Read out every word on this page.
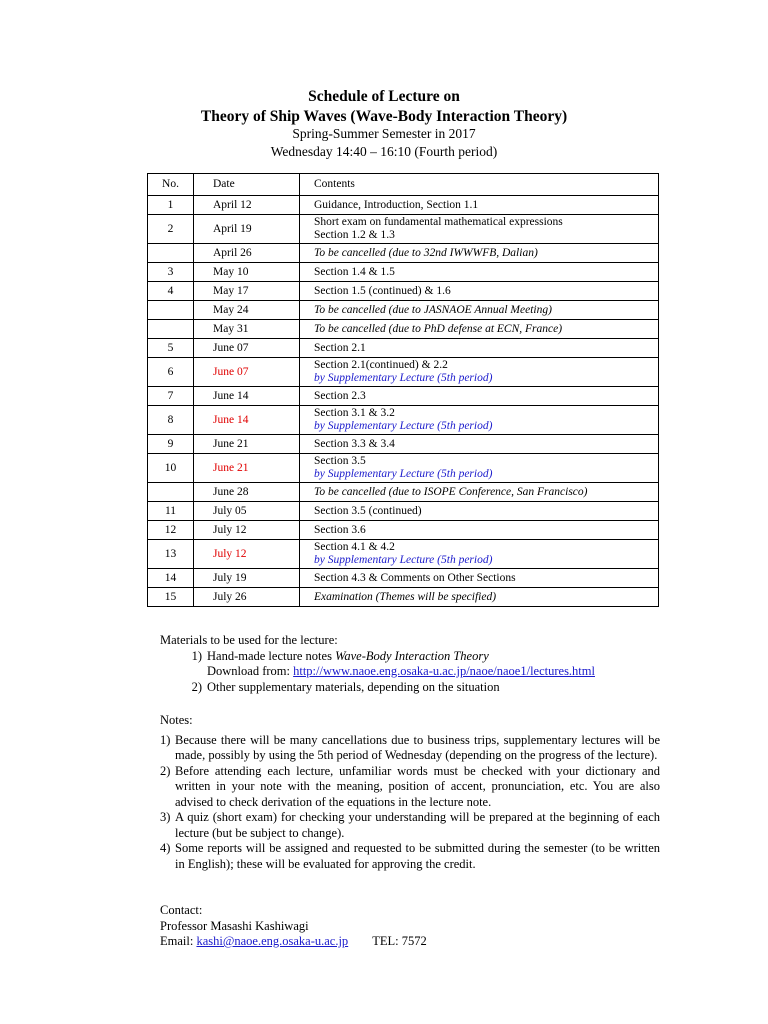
Schedule of Lecture on
Theory of Ship Waves (Wave-Body Interaction Theory)
Spring-Summer Semester in 2017
Wednesday 14:40 – 16:10 (Fourth period)
No.	Date	Contents
1	April 12	Guidance, Introduction, Section 1.1
2	April 19	Short exam on fundamental mathematical expressions
Section 1.2 & 1.3

	April 26	To be cancelled (due to 32nd IWWWFB, Dalian)
3	May 10	Section 1.4 & 1.5
4	May 17	Section 1.5 (continued) & 1.6
	May 24	To be cancelled (due to JASNAOE Annual Meeting)
	May 31	To be cancelled (due to PhD defense at ECN, France)
5	June 07	Section 2.1
6	June 07	Section 2.1(continued) & 2.2
by Supplementary Lecture (5th period)

7	June 14	Section 2.3
8	June 14	Section 3.1 & 3.2
by Supplementary Lecture (5th period)

9	June 21	Section 3.3 & 3.4
10	June 21	Section 3.5
by Supplementary Lecture (5th period)

	June 28	To be cancelled (due to ISOPE Conference, San Francisco)
11	July 05	Section 3.5 (continued)
12	July 12	Section 3.6
13	July 12	Section 4.1 & 4.2
by Supplementary Lecture (5th period)

14	July 19	Section 4.3 & Comments on Other Sections
15	July 26	Examination (Themes will be specified)
Materials to be used for the lecture:
1) Hand-made lecture notes Wave-Body Interaction Theory
Download from: http://www.naoe.eng.osaka-u.ac.jp/naoe/naoe1/lectures.html
2) Other supplementary materials, depending on the situation
Notes:
1) Because there will be many cancellations due to business trips, supplementary lectures will be made, possibly by using the 5th period of Wednesday (depending on the progress of the lecture).
2) Before attending each lecture, unfamiliar words must be checked with your dictionary and written in your note with the meaning, position of accent, pronunciation, etc. You are also advised to check derivation of the equations in the lecture note.
3) A quiz (short exam) for checking your understanding will be prepared at the beginning of each lecture (but be subject to change).
4) Some reports will be assigned and requested to be submitted during the semester (to be written in English); these will be evaluated for approving the credit.
Contact:
Professor Masashi Kashiwagi
Email: kashi@naoe.eng.osaka-u.ac.jp TEL: 7572
